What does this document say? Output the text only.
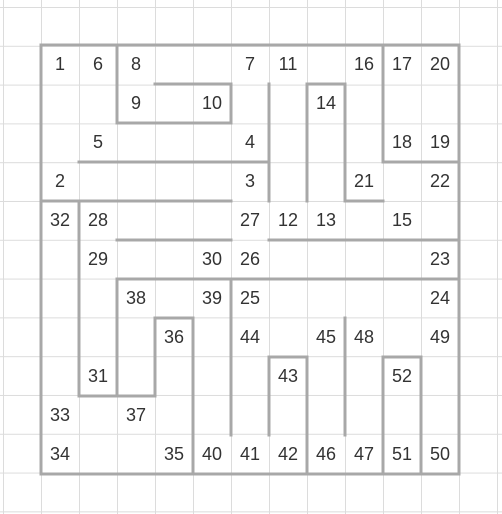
1	6	8	7	11	16 17 20
9	10	14
5	4	18 19
2	3	21	22
32 28	27 12 13	15
29	30 26	23
38	39 25	24
36	44	45 48	49
31	43	52
33	37
34	35 40 41 42 46 47 51 50
